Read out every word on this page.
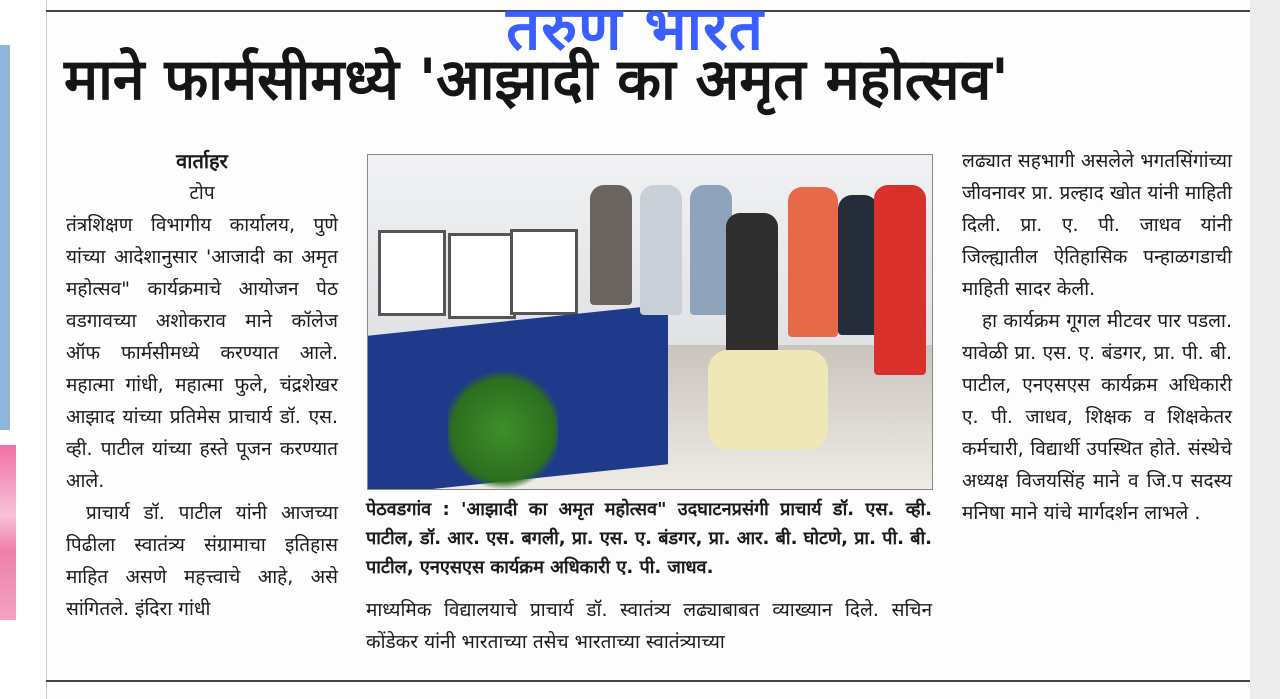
तरुण भारत
माने फार्मसीमध्ये 'आझादी का अमृत महोत्सव'

वार्ताहर

टोप

तंत्रशिक्षण विभागीय कार्यालय, पुणे यांच्या आदेशानुसार 'आजादी का अमृत महोत्सव" कार्यक्रमाचे आयोजन पेठ वडगावच्या अशोकराव माने कॉलेज ऑफ फार्मसीमध्ये करण्यात आले. महात्मा गांधी, महात्मा फुले, चंद्रशेखर आझाद यांच्या प्रतिमेस प्राचार्य डॉ. एस. व्ही. पाटील यांच्या हस्ते पूजन करण्यात आले.

प्राचार्य डॉ. पाटील यांनी आजच्या पिढीला स्वातंत्र्य संग्रामाचा इतिहास माहित असणे महत्त्वाचे आहे, असे सांगितले. इंदिरा गांधी

पेठवडगांव : 'आझादी का अमृत महोत्सव" उदघाटनप्रसंगी प्राचार्य डॉ. एस. व्ही. पाटील, डॉ. आर. एस. बगली, प्रा. एस. ए. बंडगर, प्रा. आर. बी. घोटणे, प्रा. पी. बी. पाटील, एनएसएस कार्यक्रम अधिकारी ए. पी. जाधव.

माध्यमिक विद्यालयाचे प्राचार्य डॉ. स्वातंत्र्य लढ्याबाबत व्याख्यान दिले. सचिन कोंडेकर यांनी भारताच्या तसेच भारताच्या स्वातंत्र्याच्या

लढ्यात सहभागी असलेले भगतसिंगांच्या जीवनावर प्रा. प्रल्हाद खोत यांनी माहिती दिली. प्रा. ए. पी. जाधव यांनी जिल्ह्यातील ऐतिहासिक पन्हाळगडाची माहिती सादर केली.

हा कार्यक्रम गूगल मीटवर पार पडला. यावेळी प्रा. एस. ए. बंडगर, प्रा. पी. बी. पाटील, एनएसएस कार्यक्रम अधिकारी ए. पी. जाधव, शिक्षक व शिक्षकेतर कर्मचारी, विद्यार्थी उपस्थित होते. संस्थेचे अध्यक्ष विजयसिंह माने व जि.प सदस्य मनिषा माने यांचे मार्गदर्शन लाभले .
